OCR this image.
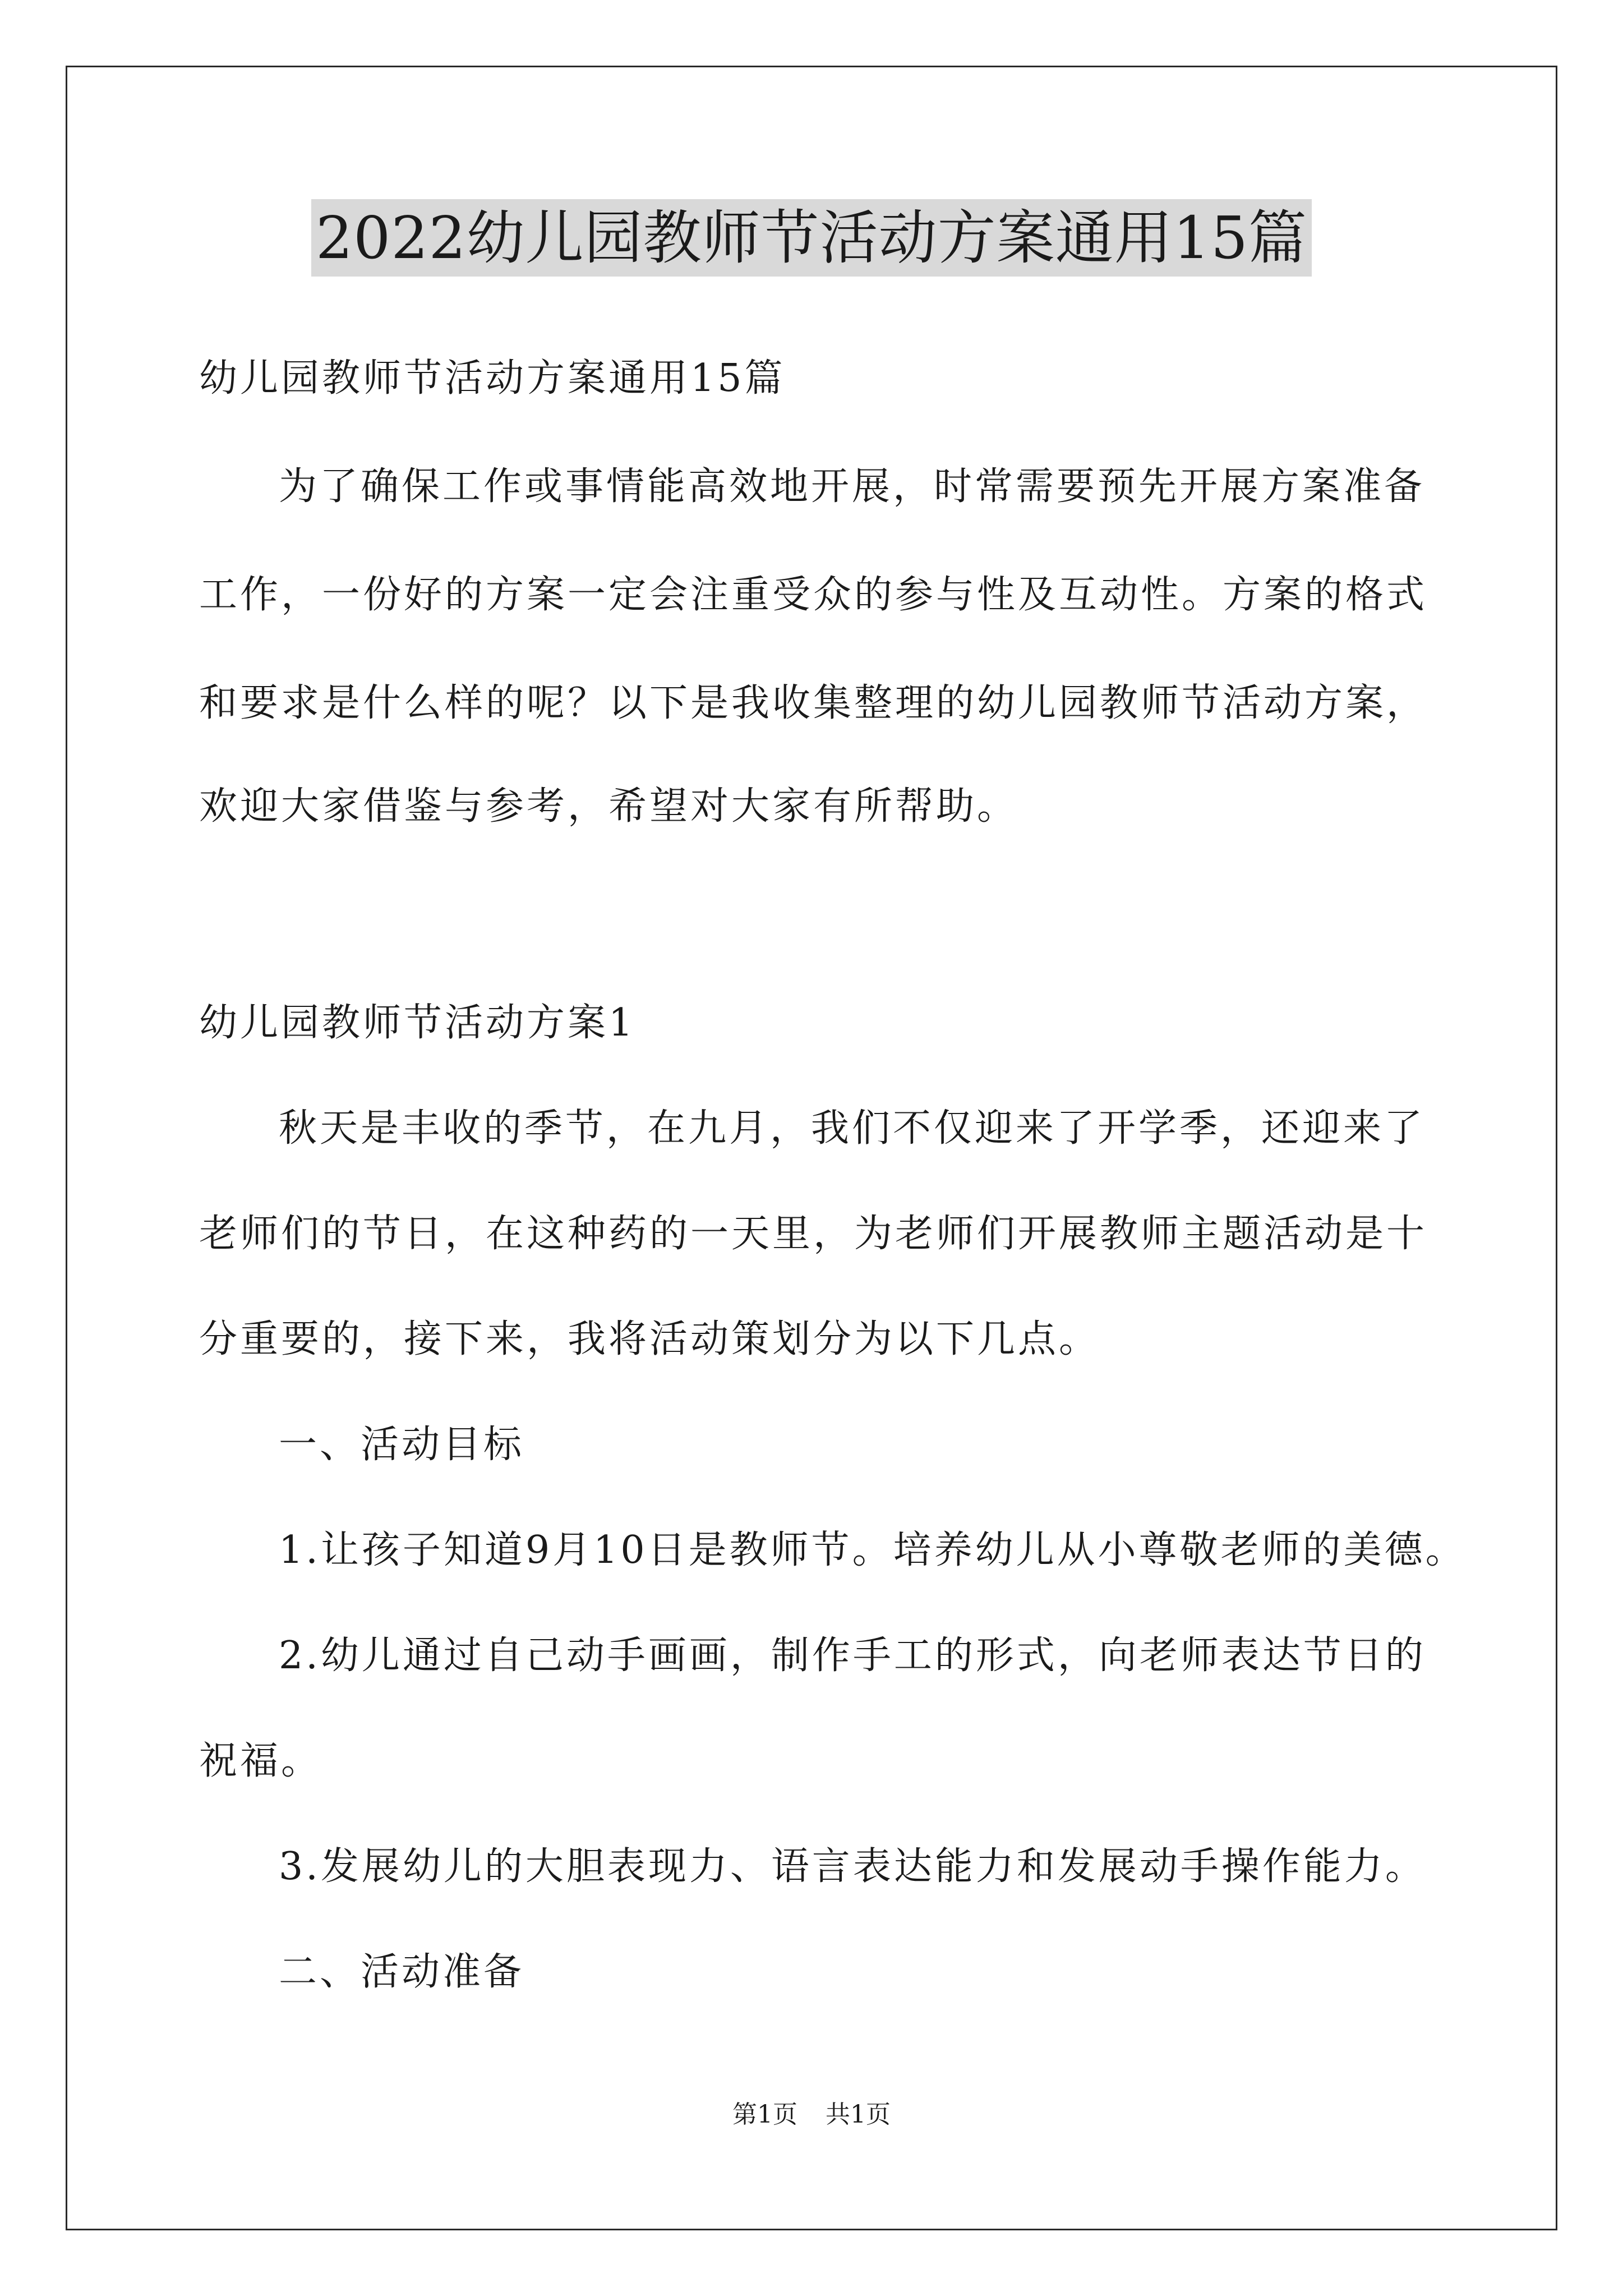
2022幼儿园教师节活动方案通用15篇
幼儿园教师节活动方案通用15篇
为了确保工作或事情能高效地开展，时常需要预先开展方案准备
工作，一份好的方案一定会注重受众的参与性及互动性。方案的格式
和要求是什么样的呢？以下是我收集整理的幼儿园教师节活动方案，
欢迎大家借鉴与参考，希望对大家有所帮助。
幼儿园教师节活动方案1
秋天是丰收的季节，在九月，我们不仅迎来了开学季，还迎来了
老师们的节日，在这种药的一天里，为老师们开展教师主题活动是十
分重要的，接下来，我将活动策划分为以下几点。
一、活动目标
1.让孩子知道9月10日是教师节。培养幼儿从小尊敬老师的美德。
2.幼儿通过自己动手画画，制作手工的形式，向老师表达节日的
祝福。
3.发展幼儿的大胆表现力、语言表达能力和发展动手操作能力。
二、活动准备
第1页 共1页
